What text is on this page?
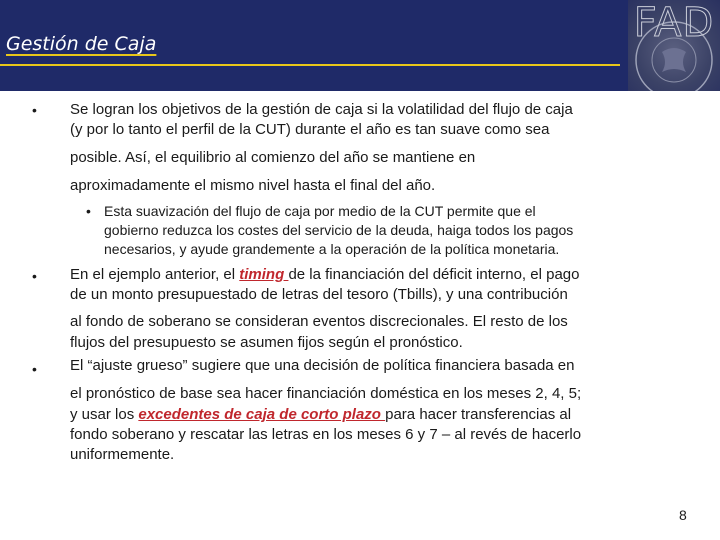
Gestión de Caja	FAD
• Se logran los objetivos de la gestión de caja si la volatilidad del flujo de caja
(y por lo tanto el perfil de la CUT) durante el año es tan suave como sea
posible. Así, el equilibrio al comienzo del año se mantiene en
aproximadamente el mismo nivel hasta el final del año.
• Esta suavización del flujo de caja por medio de la CUT permite que el
gobierno reduzca los costes del servicio de la deuda, haiga todos los pagos
necesarios, y ayude grandemente a la operación de la política monetaria.
• En el ejemplo anterior, el timing de la financiación del déficit interno, el pago
de un monto presupuestado de letras del tesoro (Tbills), y una contribución
al fondo de soberano se consideran eventos discrecionales. El resto de los
flujos del presupuesto se asumen fijos según el pronóstico.
• El “ajuste grueso” sugiere que una decisión de política financiera basada en
el pronóstico de base sea hacer financiación doméstica en los meses 2, 4, 5;
y usar los excedentes de caja de corto plazo para hacer transferencias al
fondo soberano y rescatar las letras en los meses 6 y 7 – al revés de hacerlo
uniformemente.
8
